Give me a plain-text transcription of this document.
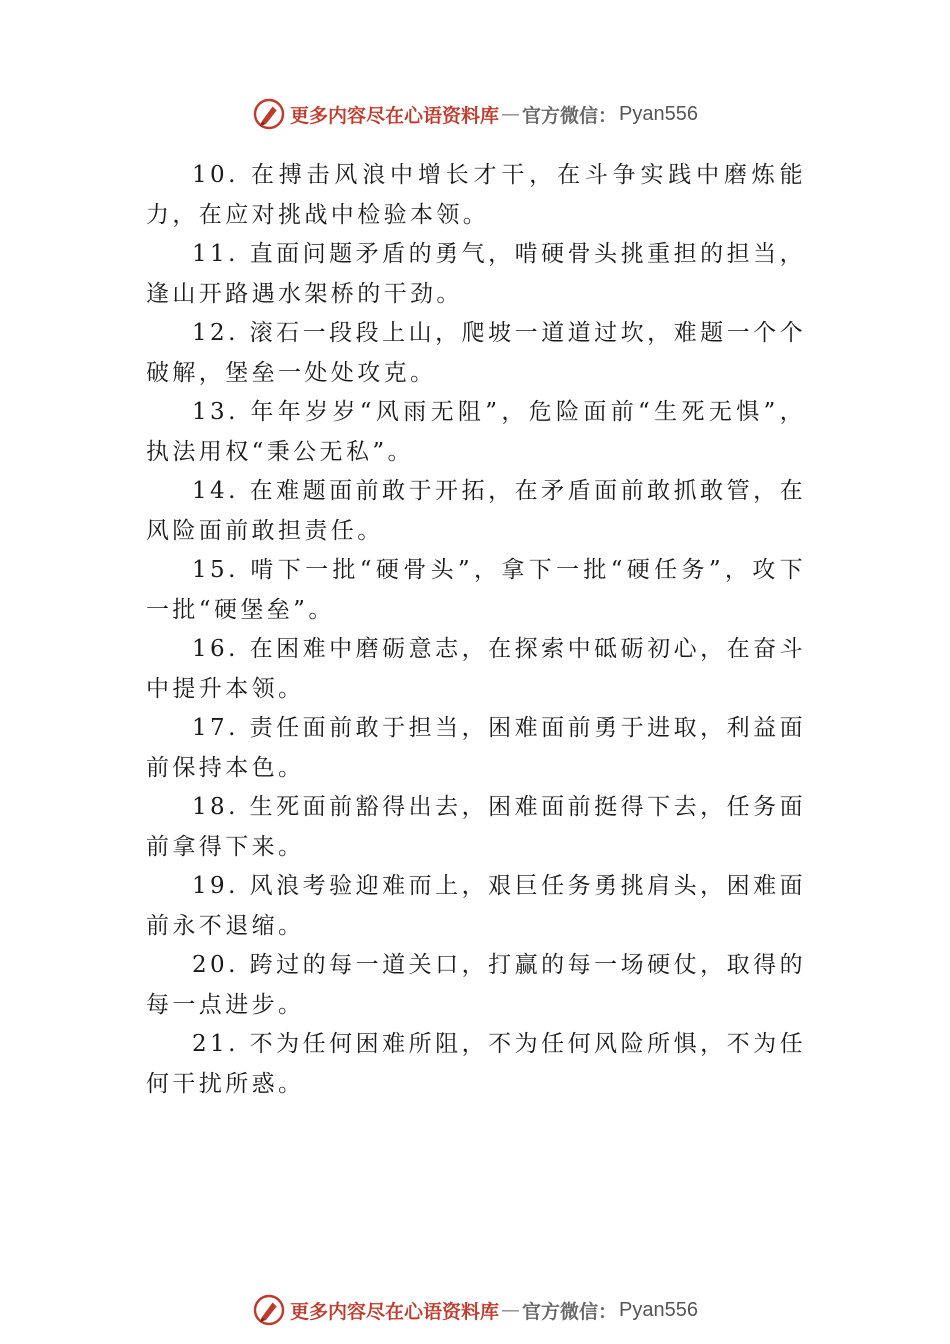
更多内容尽在心语资料库 — 官方微信： Pyan556

10. 在搏击风浪中增长才干，在斗争实践中磨炼能力，在应对挑战中检验本领。

11. 直面问题矛盾的勇气，啃硬骨头挑重担的担当，逢山开路遇水架桥的干劲。

12. 滚石一段段上山，爬坡一道道过坎，难题一个个破解，堡垒一处处攻克。

13. 年年岁岁“风雨无阻”，危险面前“生死无惧”，执法用权“秉公无私”。

14. 在难题面前敢于开拓，在矛盾面前敢抓敢管，在风险面前敢担责任。

15. 啃下一批“硬骨头”，拿下一批“硬任务”，攻下一批“硬堡垒”。

16. 在困难中磨砺意志，在探索中砥砺初心，在奋斗中提升本领。

17. 责任面前敢于担当，困难面前勇于进取，利益面前保持本色。

18. 生死面前豁得出去，困难面前挺得下去，任务面前拿得下来。

19. 风浪考验迎难而上，艰巨任务勇挑肩头，困难面前永不退缩。

20. 跨过的每一道关口，打赢的每一场硬仗，取得的每一点进步。

21. 不为任何困难所阻，不为任何风险所惧，不为任何干扰所惑。

更多内容尽在心语资料库 — 官方微信： Pyan556
